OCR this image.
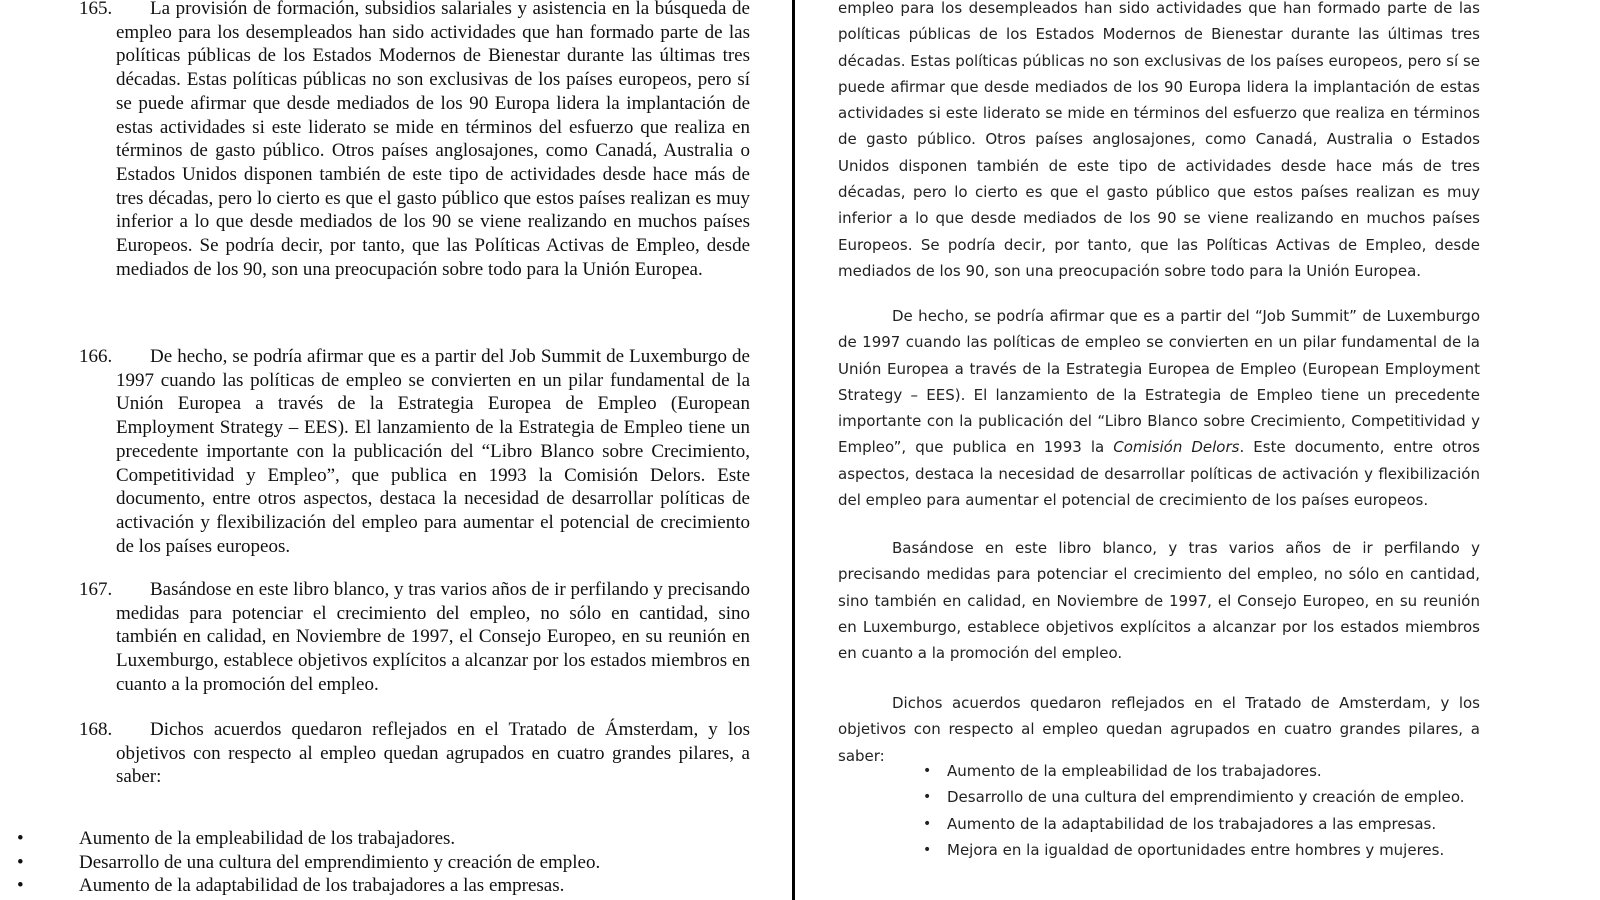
165. La provisión de formación, subsidios salariales y asistencia en la búsqueda de empleo para los desempleados han sido actividades que han formado parte de las políticas públicas de los Estados Modernos de Bienestar durante las últimas tres décadas. Estas políticas públicas no son exclusivas de los países europeos, pero sí se puede afirmar que desde mediados de los 90 Europa lidera la implantación de estas actividades si este liderato se mide en términos del esfuerzo que realiza en términos de gasto público. Otros países anglosajones, como Canadá, Australia o Estados Unidos disponen también de este tipo de actividades desde hace más de tres décadas, pero lo cierto es que el gasto público que estos países realizan es muy inferior a lo que desde mediados de los 90 se viene realizando en muchos países Europeos. Se podría decir, por tanto, que las Políticas Activas de Empleo, desde mediados de los 90, son una preocupación sobre todo para la Unión Europea.

166. De hecho, se podría afirmar que es a partir del Job Summit de Luxemburgo de 1997 cuando las políticas de empleo se convierten en un pilar fundamental de la Unión Europea a través de la Estrategia Europea de Empleo (European Employment Strategy – EES). El lanzamiento de la Estrategia de Empleo tiene un precedente importante con la publicación del “Libro Blanco sobre Crecimiento, Competitividad y Empleo”, que publica en 1993 la Comisión Delors. Este documento, entre otros aspectos, destaca la necesidad de desarrollar políticas de activación y flexibilización del empleo para aumentar el potencial de crecimiento de los países europeos.

167. Basándose en este libro blanco, y tras varios años de ir perfilando y precisando medidas para potenciar el crecimiento del empleo, no sólo en cantidad, sino también en calidad, en Noviembre de 1997, el Consejo Europeo, en su reunión en Luxemburgo, establece objetivos explícitos a alcanzar por los estados miembros en cuanto a la promoción del empleo.

168. Dichos acuerdos quedaron reflejados en el Tratado de Ámsterdam, y los objetivos con respecto al empleo quedan agrupados en cuatro grandes pilares, a saber:

•	Aumento de la empleabilidad de los trabajadores.
•	Desarrollo de una cultura del emprendimiento y creación de empleo.
•	Aumento de la adaptabilidad de los trabajadores a las empresas.

empleo para los desempleados han sido actividades que han formado parte de las políticas públicas de los Estados Modernos de Bienestar durante las últimas tres décadas. Estas políticas públicas no son exclusivas de los países europeos, pero sí se puede afirmar que desde mediados de los 90 Europa lidera la implantación de estas actividades si este liderato se mide en términos del esfuerzo que realiza en términos de gasto público. Otros países anglosajones, como Canadá, Australia o Estados Unidos disponen también de este tipo de actividades desde hace más de tres décadas, pero lo cierto es que el gasto público que estos países realizan es muy inferior a lo que desde mediados de los 90 se viene realizando en muchos países Europeos. Se podría decir, por tanto, que las Políticas Activas de Empleo, desde mediados de los 90, son una preocupación sobre todo para la Unión Europea.

De hecho, se podría afirmar que es a partir del “Job Summit” de Luxemburgo de 1997 cuando las políticas de empleo se convierten en un pilar fundamental de la Unión Europea a través de la Estrategia Europea de Empleo (European Employment Strategy – EES). El lanzamiento de la Estrategia de Empleo tiene un precedente importante con la publicación del “Libro Blanco sobre Crecimiento, Competitividad y Empleo”, que publica en 1993 la Comisión Delors. Este documento, entre otros aspectos, destaca la necesidad de desarrollar políticas de activación y flexibilización del empleo para aumentar el potencial de crecimiento de los países europeos.

Basándose en este libro blanco, y tras varios años de ir perfilando y precisando medidas para potenciar el crecimiento del empleo, no sólo en cantidad, sino también en calidad, en Noviembre de 1997, el Consejo Europeo, en su reunión en Luxemburgo, establece objetivos explícitos a alcanzar por los estados miembros en cuanto a la promoción del empleo.

Dichos acuerdos quedaron reflejados en el Tratado de Amsterdam, y los objetivos con respecto al empleo quedan agrupados en cuatro grandes pilares, a saber:

• Aumento de la empleabilidad de los trabajadores.
• Desarrollo de una cultura del emprendimiento y creación de empleo.
• Aumento de la adaptabilidad de los trabajadores a las empresas.
• Mejora en la igualdad de oportunidades entre hombres y mujeres.
